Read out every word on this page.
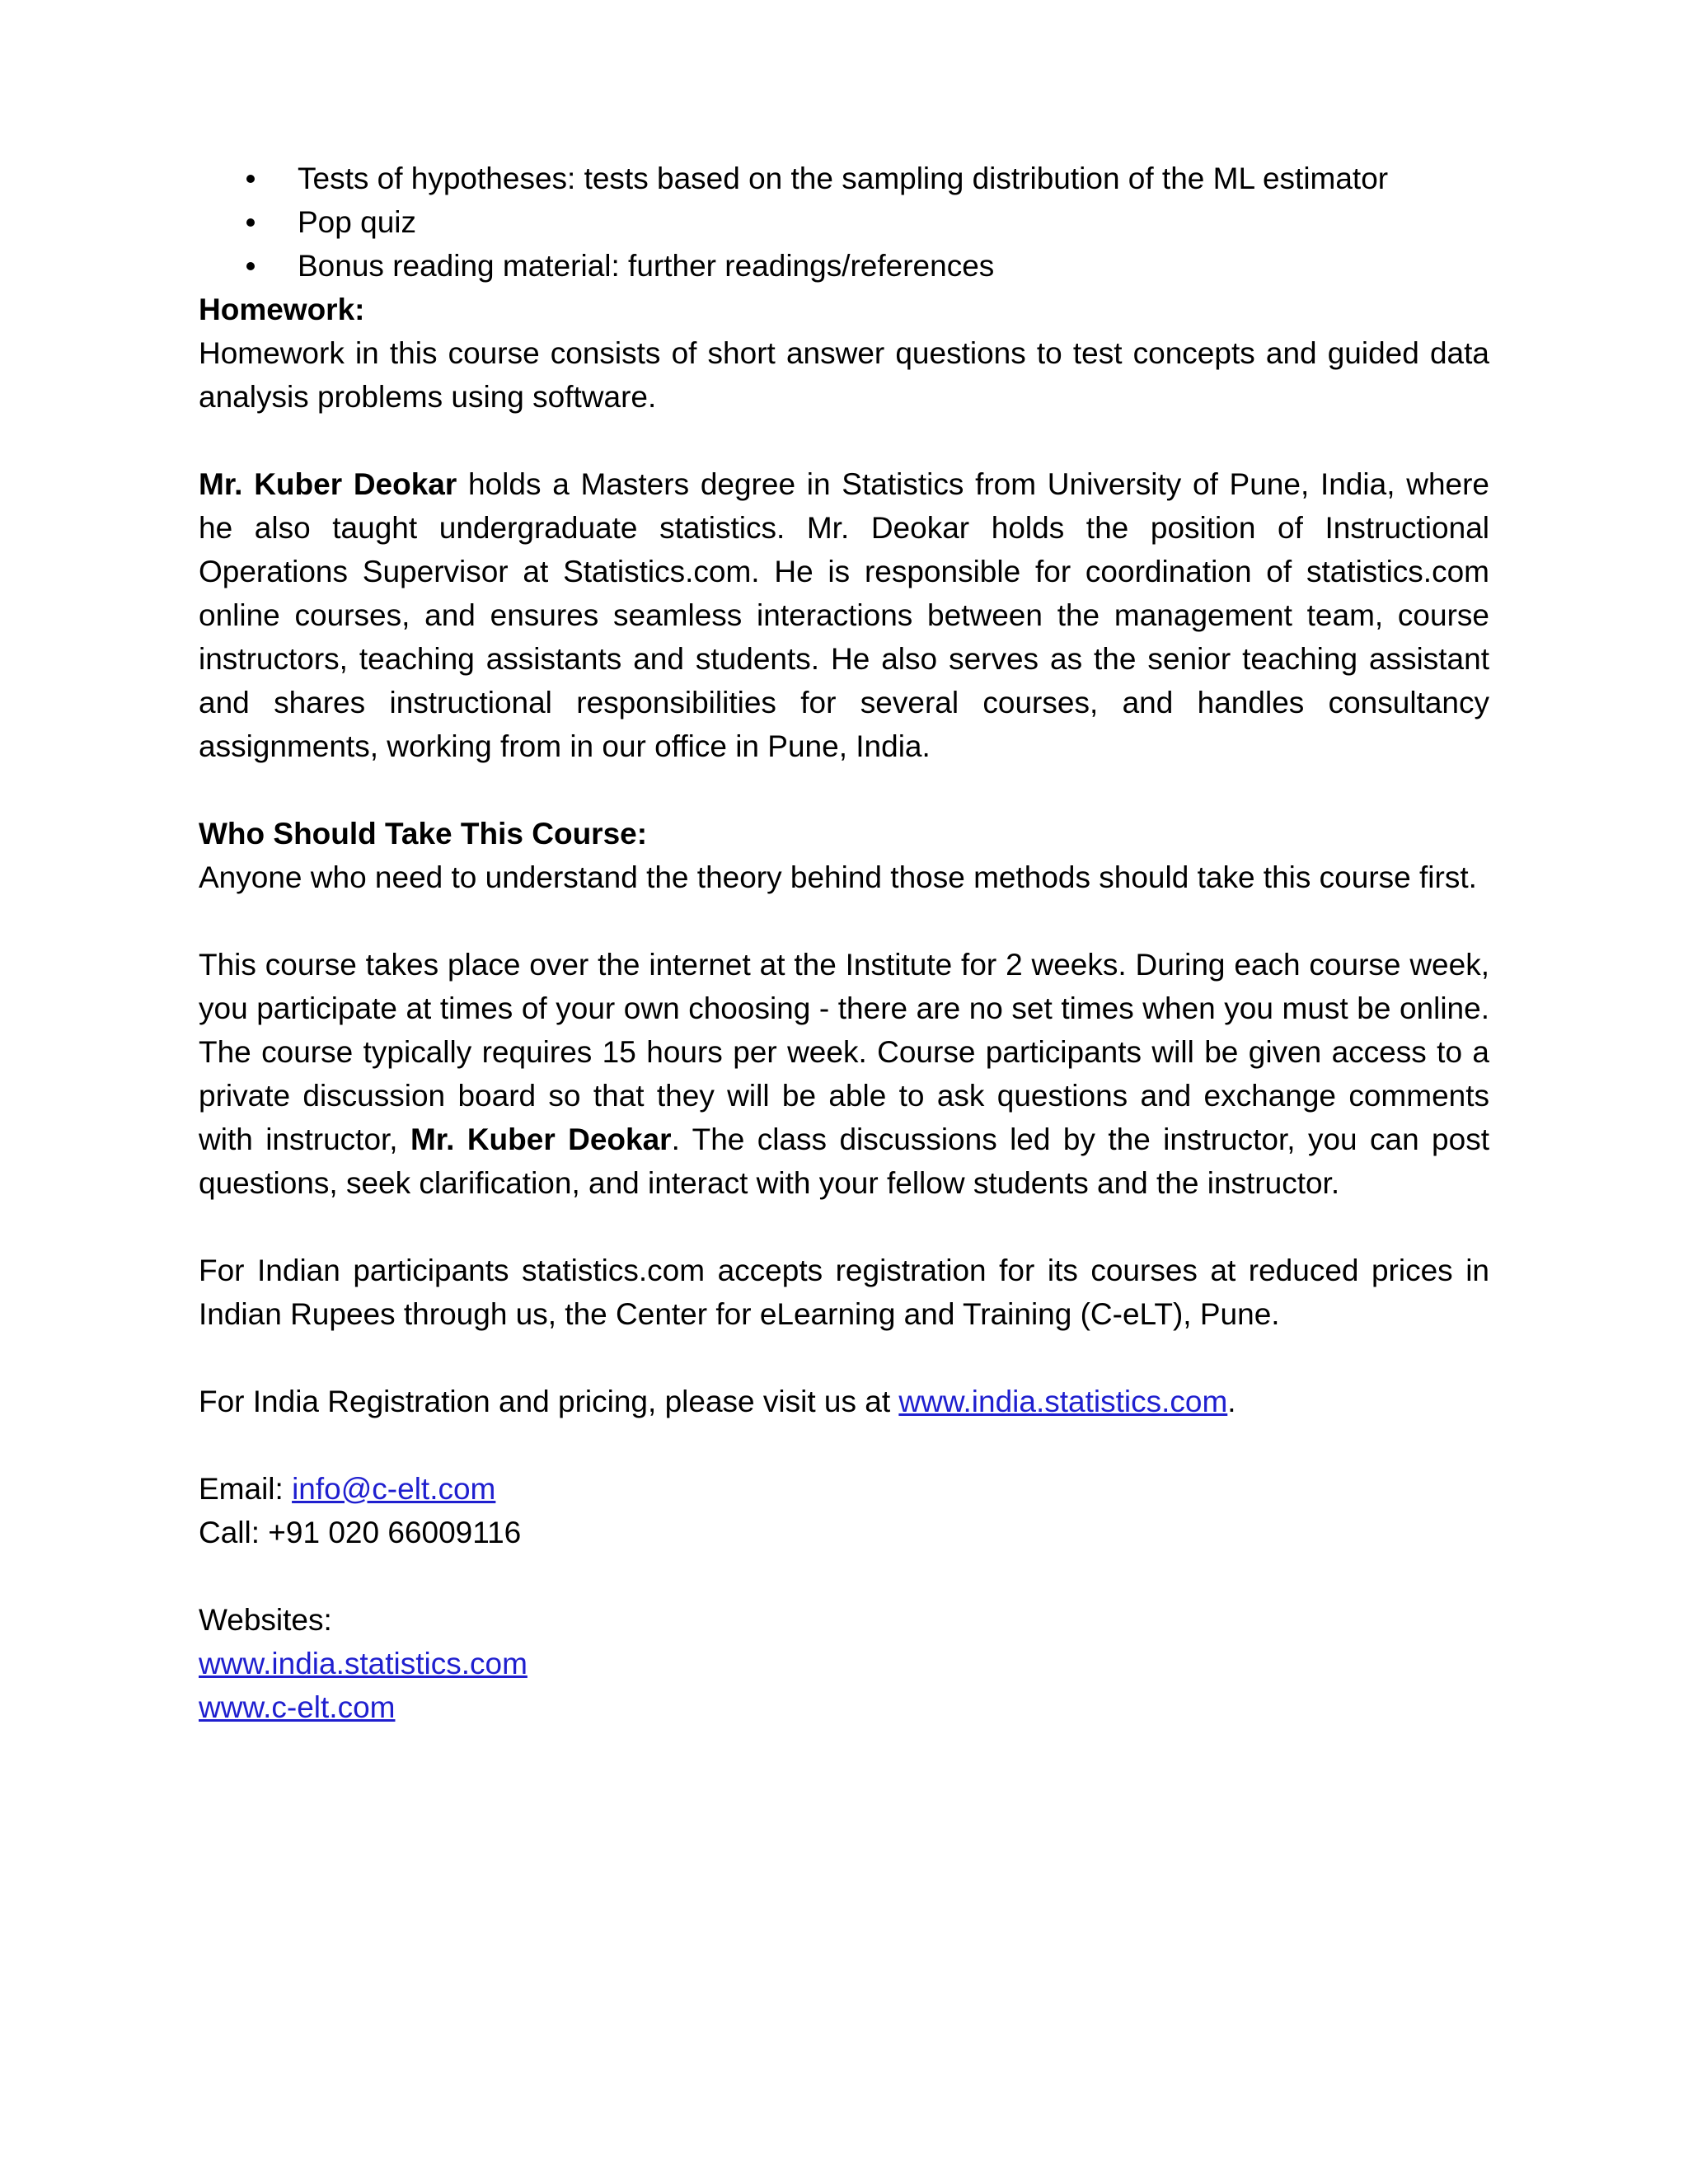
Tests of hypotheses: tests based on the sampling distribution of the ML estimator
Pop quiz
Bonus reading material: further readings/references
Homework:
Homework in this course consists of short answer questions to test concepts and guided data analysis problems using software.
Mr. Kuber Deokar holds a Masters degree in Statistics from University of Pune, India, where he also taught undergraduate statistics. Mr. Deokar holds the position of Instructional Operations Supervisor at Statistics.com. He is responsible for coordination of statistics.com online courses, and ensures seamless interactions between the management team, course instructors, teaching assistants and students. He also serves as the senior teaching assistant and shares instructional responsibilities for several courses, and handles consultancy assignments, working from in our office in Pune, India.
Who Should Take This Course:
Anyone who need to understand the theory behind those methods should take this course first.
This course takes place over the internet at the Institute for 2 weeks. During each course week, you participate at times of your own choosing - there are no set times when you must be online. The course typically requires 15 hours per week. Course participants will be given access to a private discussion board so that they will be able to ask questions and exchange comments with instructor, Mr. Kuber Deokar. The class discussions led by the instructor, you can post questions, seek clarification, and interact with your fellow students and the instructor.
For Indian participants statistics.com accepts registration for its courses at reduced prices in Indian Rupees through us, the Center for eLearning and Training (C-eLT), Pune.
For India Registration and pricing, please visit us at www.india.statistics.com.
Email: info@c-elt.com
Call: +91 020 66009116
Websites:
www.india.statistics.com
www.c-elt.com
